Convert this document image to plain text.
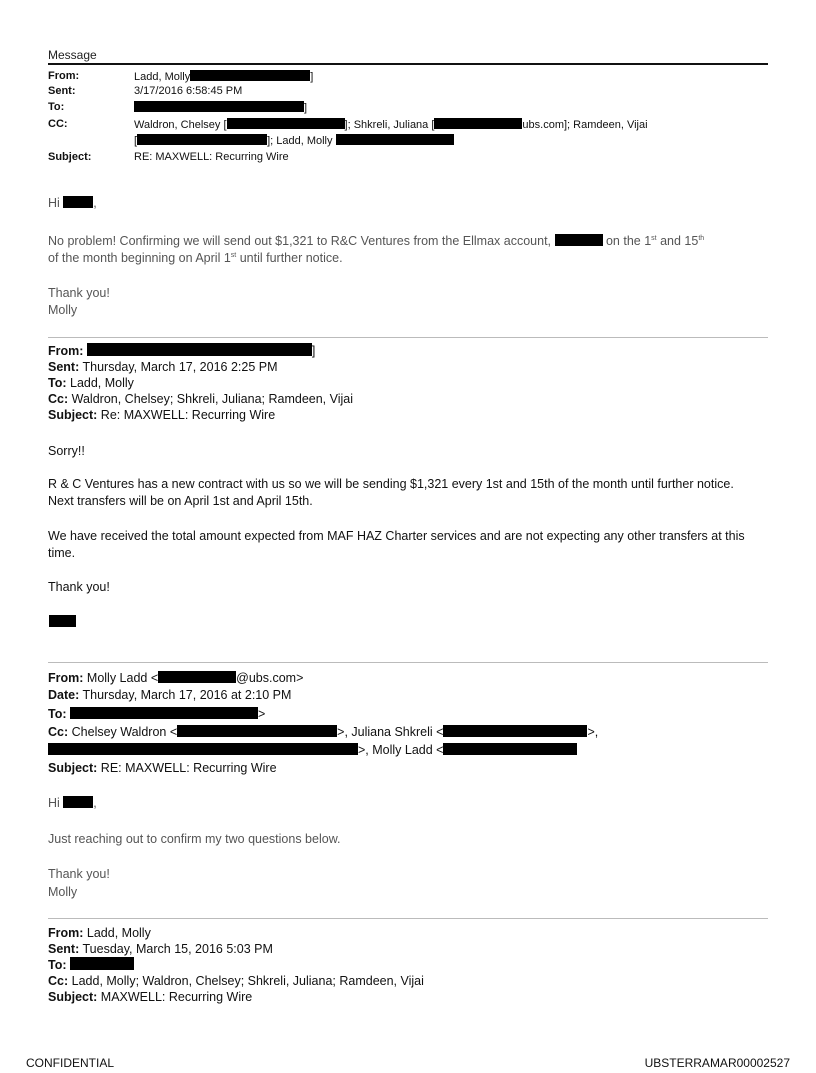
Message
From:	Ladd, Molly	]
Sent:	3/17/2016 6:58:45 PM
To:	]
CC:	Waldron, Chelsey [	]; Shkreli, Juliana [	ubs.com]; Ramdeen, Vijai
[	]; Ladd, Molly
Subject:	RE: MAXWELL: Recurring Wire
Hi	,
No problem! Confirming we will send out $1,321 to R&C Ventures from the Ellmax account,	on the 1st and 15th
of the month beginning on April 1st until further notice.
Thank you!
Molly
From:	]
Sent: Thursday, March 17, 2016 2:25 PM
To: Ladd, Molly
Cc: Waldron, Chelsey; Shkreli, Juliana; Ramdeen, Vijai
Subject: Re: MAXWELL: Recurring Wire
Sorry!!
R & C Ventures has a new contract with us so we will be sending $1,321 every 1st and 15th of the month until further notice.
Next transfers will be on April 1st and April 15th.
We have received the total amount expected from MAF HAZ Charter services and are not expecting any other transfers at this
time.
Thank you!
From: Molly Ladd <	@ubs.com>
Date: Thursday, March 17, 2016 at 2:10 PM
To:	>
Cc: Chelsey Waldron <	>, Juliana Shkreli <	>,
>, Molly Ladd <
Subject: RE: MAXWELL: Recurring Wire
Hi	,
Just reaching out to confirm my two questions below.
Thank you!
Molly
From: Ladd, Molly
Sent: Tuesday, March 15, 2016 5:03 PM
To:
Cc: Ladd, Molly; Waldron, Chelsey; Shkreli, Juliana; Ramdeen, Vijai
Subject: MAXWELL: Recurring Wire
CONFIDENTIAL	UBSTERRAMAR00002527
